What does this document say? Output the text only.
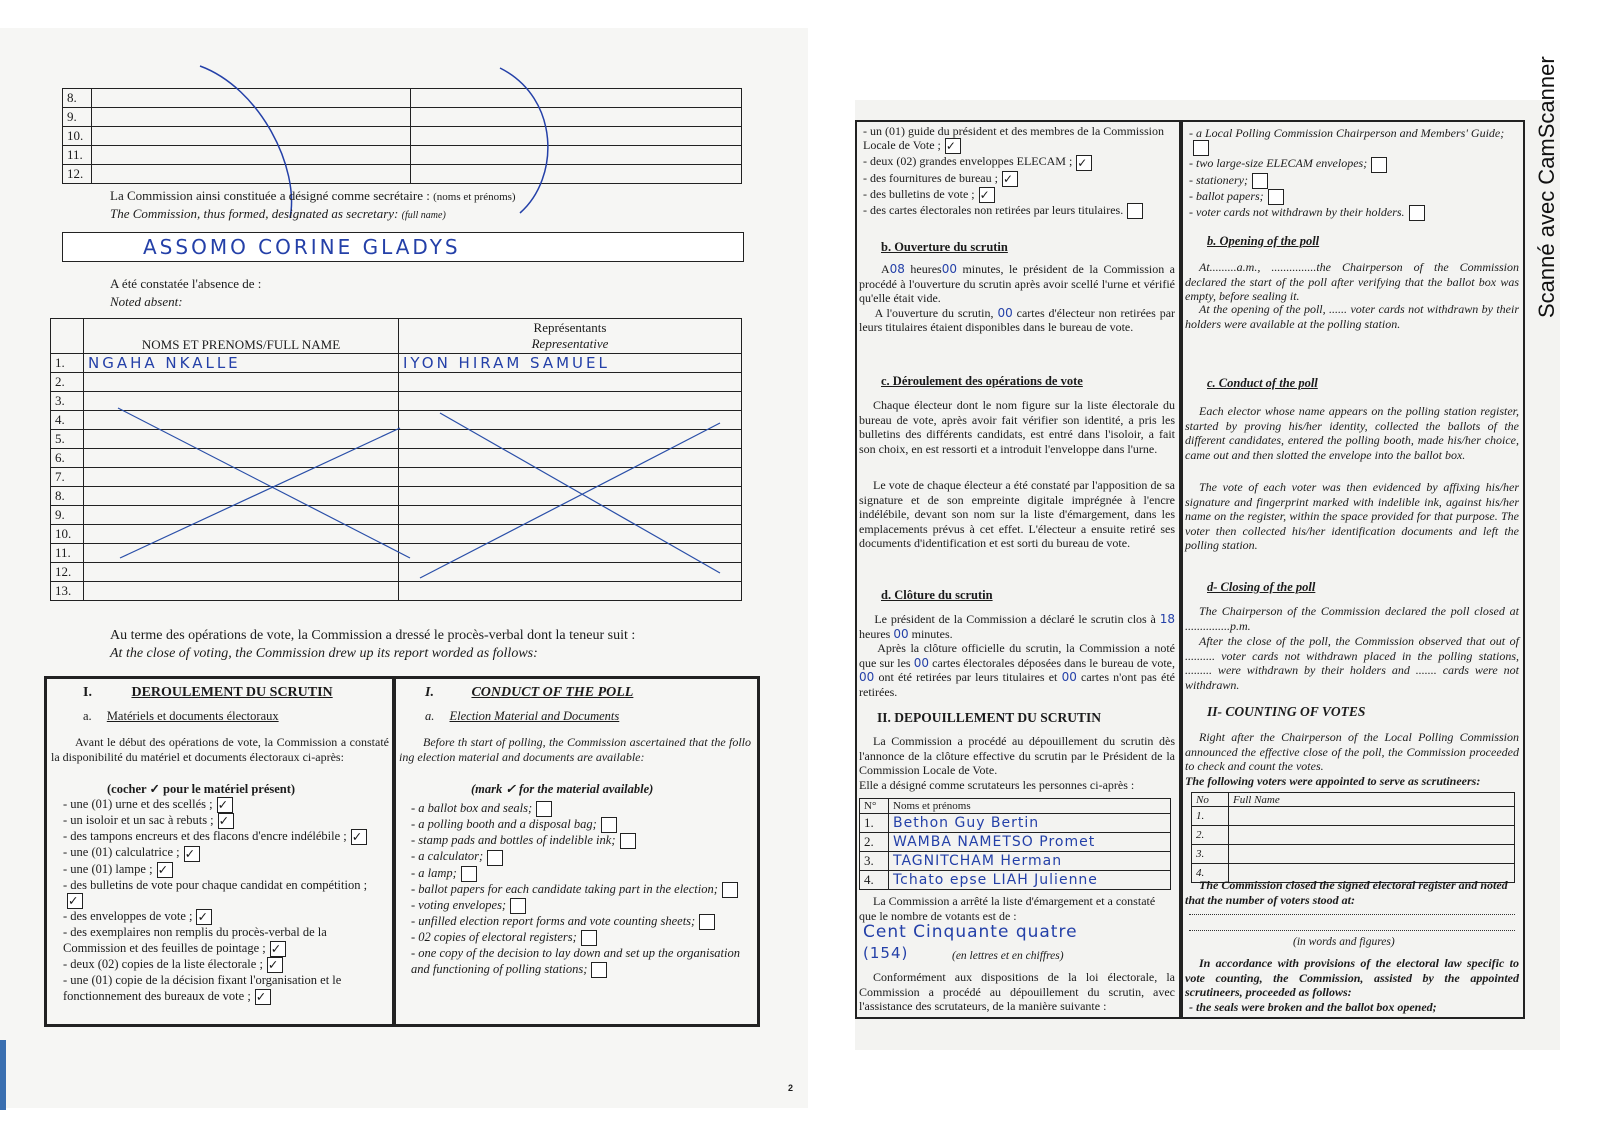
8.		
9.		
10.		
11.		
12.		
La Commission ainsi constituée a désigné comme secrétaire : (noms et prénoms)
The Commission, thus formed, designated as secretary: (full name)
ASSOMO CORINE GLADYS
A été constatée l'absence de :
Noted absent:
	NOMS ET PRENOMS/FULL NAME	Représentants
Representative

1.	NGAHA NKALLE	IYON HIRAM SAMUEL
2.		
3.		
4.		
5.		
6.		
7.		
8.		
9.		
10.		
11.		
12.		
13.		
Au terme des opérations de vote, la Commission a dressé le procès-verbal dont la teneur suit :
At the close of voting, the Commission drew up its report worded as follows:
I.	DEROULEMENT DU SCRUTIN
a. Matériels et documents électoraux
Avant le début des opérations de vote, la Commission a constaté la disponibilité du matériel et documents électoraux ci-après:
(cocher ✓ pour le matériel présent)
- une (01) urne et des scellés ; ✓
- un isoloir et un sac à rebuts ; ✓
- des tampons encreurs et des flacons d'encre indélébile ; ✓
- une (01) calculatrice ; ✓
- une (01) lampe ; ✓
- des bulletins de vote pour chaque candidat en compétition ;✓
- des enveloppes de vote ; ✓
- des exemplaires non remplis du procès-verbal de la Commission et des feuilles de pointage ; ✓
- deux (02) copies de la liste électorale ; ✓
- une (01) copie de la décision fixant l'organisation et le fonctionnement des bureaux de vote ; ✓
I.	CONDUCT OF THE POLL
a. Election Material and Documents
Before th start of polling, the Commission ascertained that the follo ing election material and documents are available:
(mark ✓ for the material available)
- a ballot box and seals;
- a polling booth and a disposal bag;
- stamp pads and bottles of indelible ink;
- a calculator;
- a lamp;
- ballot papers for each candidate taking part in the election;
- voting envelopes;
- unfilled election report forms and vote counting sheets;
- 02 copies of electoral registers;
- one copy of the decision to lay down and set up the organisation and functioning of polling stations;
2
- un (01) guide du président et des membres de la Commission Locale de Vote ; ✓
- deux (02) grandes enveloppes ELECAM ; ✓
- des fournitures de bureau ; ✓
- des bulletins de vote ; ✓
- des cartes électorales non retirées par leurs titulaires.
b. Ouverture du scrutin
A08 heures00 minutes, le président de la Commission a procédé à l'ouverture du scrutin après avoir scellé l'urne et vérifié qu'elle était vide.
A l'ouverture du scrutin, 00 cartes d'électeur non retirées par leurs titulaires étaient disponibles dans le bureau de vote.
c. Déroulement des opérations de vote
Chaque électeur dont le nom figure sur la liste électorale du bureau de vote, après avoir fait vérifier son identité, a pris les bulletins des différents candidats, est entré dans l'isoloir, a fait son choix, en est ressorti et a introduit l'enveloppe dans l'urne.
Le vote de chaque électeur a été constaté par l'apposition de sa signature et de son empreinte digitale imprégnée à l'encre indélébile, devant son nom sur la liste d'émargement, dans les emplacements prévus à cet effet. L'électeur a ensuite retiré ses documents d'identification et est sorti du bureau de vote.
d. Clôture du scrutin
Le président de la Commission a déclaré le scrutin clos à 18 heures 00 minutes.
Après la clôture officielle du scrutin, la Commission a noté que sur les 00 cartes électorales déposées dans le bureau de vote, 00 ont été retirées par leurs titulaires et 00 cartes n'ont pas été retirées.
II. DEPOUILLEMENT DU SCRUTIN
La Commission a procédé au dépouillement du scrutin dès l'annonce de la clôture effective du scrutin par le Président de la Commission Locale de Vote.
Elle a désigné comme scrutateurs les personnes ci-après :
N°	Noms et prénoms
1.	Bethon Guy Bertin
2.	WAMBA NAMETSO Promet
3.	TAGNITCHAM Herman
4.	Tchato epse LIAH Julienne
La Commission a arrêté la liste d'émargement et a constaté que le nombre de votants est de :
Cent Cinquante quatre
(154)	(en lettres et en chiffres)
Conformément aux dispositions de la loi électorale, la Commission a procédé au dépouillement du scrutin, avec l'assistance des scrutateurs, de la manière suivante :
- a Local Polling Commission Chairperson and Members' Guide;
- two large-size ELECAM envelopes;
- stationery;
- ballot papers;
- voter cards not withdrawn by their holders.
b. Opening of the poll
At.........a.m., ...............the Chairperson of the Commission declared the start of the poll after verifying that the ballot box was empty, before sealing it.
At the opening of the poll, ...... voter cards not withdrawn by their holders were available at the polling station.
c. Conduct of the poll
Each elector whose name appears on the polling station register, started by proving his/her identity, collected the ballots of the different candidates, entered the polling booth, made his/her choice, came out and then slotted the envelope into the ballot box.
The vote of each voter was then evidenced by affixing his/her signature and fingerprint marked with indelible ink, against his/her name on the register, within the space provided for that purpose. The voter then collected his/her identification documents and left the polling station.
d- Closing of the poll
The Chairperson of the Commission declared the poll closed at ...............p.m.
After the close of the poll, the Commission observed that out of .......... voter cards not withdrawn placed in the polling stations, ......... were withdrawn by their holders and ....... cards were not withdrawn.
II- COUNTING OF VOTES
Right after the Chairperson of the Local Polling Commission announced the effective close of the poll, the Commission proceeded to check and count the votes.
The following voters were appointed to serve as scrutineers:
No	Full Name
1.	
2.	
3.	
4.	
The Commission closed the signed electoral register and noted that the number of voters stood at:
(in words and figures)
In accordance with provisions of the electoral law specific to vote counting, the Commission, assisted by the appointed scrutineers, proceeded as follows:
- the seals were broken and the ballot box opened;
Scanné avec CamScanner
